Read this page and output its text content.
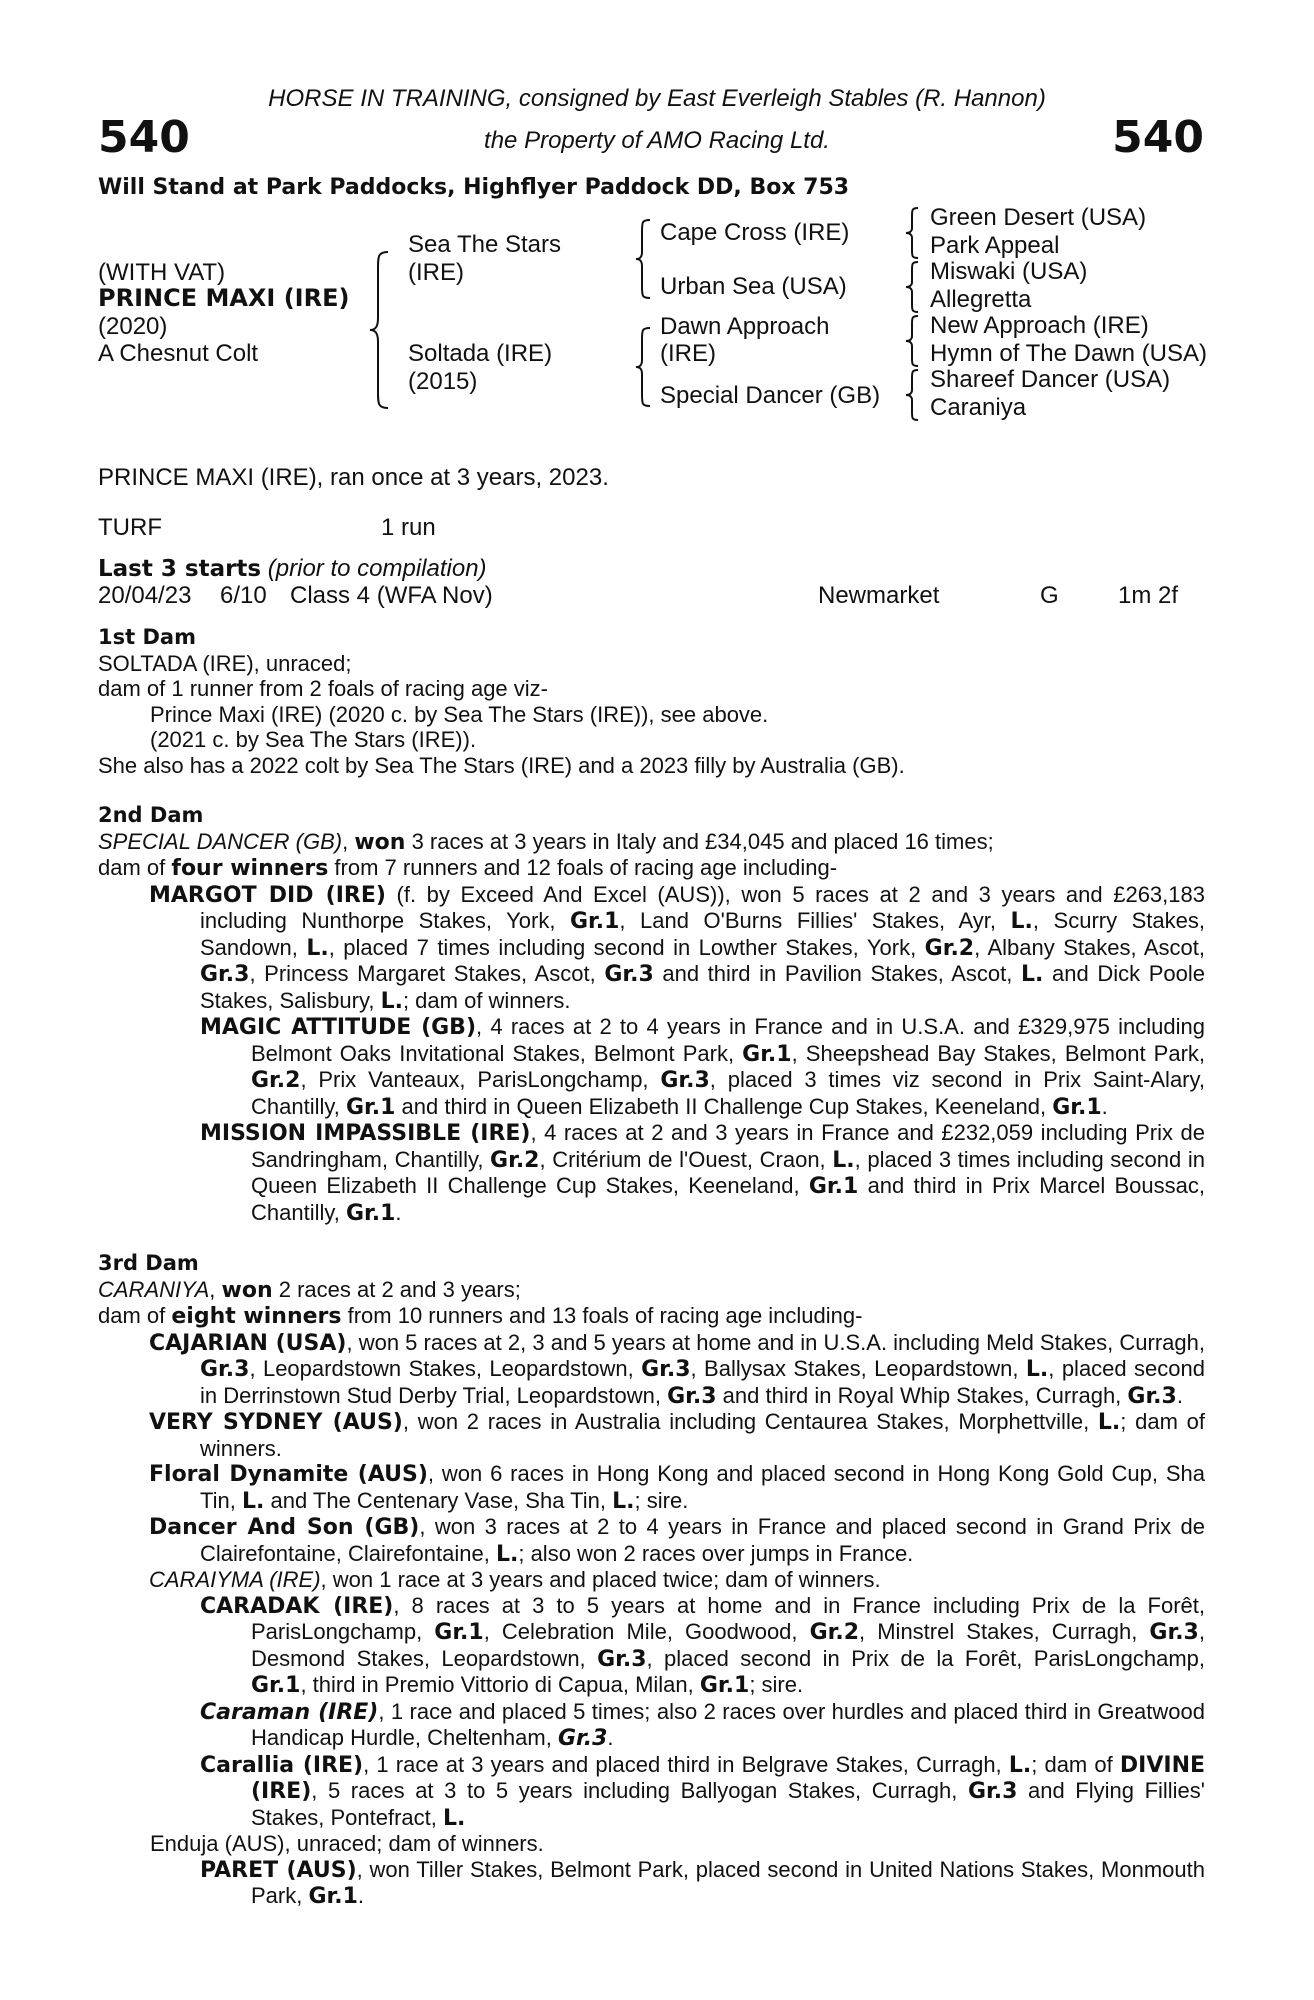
540	540
HORSE IN TRAINING, consigned by East Everleigh Stables (R. Hannon)
the Property of AMO Racing Ltd.
Will Stand at Park Paddocks, Highflyer Paddock DD, Box 753
(WITH VAT)
PRINCE MAXI (IRE)
(2020)
A Chesnut Colt
Sea The Stars
(IRE)
Soltada (IRE)
(2015)
Cape Cross (IRE)
Urban Sea (USA)
Dawn Approach
(IRE)
Special Dancer (GB)
Green Desert (USA)
Park Appeal
Miswaki (USA)
Allegretta
New Approach (IRE)
Hymn of The Dawn (USA)
Shareef Dancer (USA)
Caraniya
PRINCE MAXI (IRE), ran once at 3 years, 2023.
TURF	1 run
Last 3 starts (prior to compilation)
20/04/23 6/10 Class 4 (WFA Nov)	Newmarket	G 1m 2f

1st Dam

SOLTADA (IRE), unraced;

dam of 1 runner from 2 foals of racing age viz-

Prince Maxi (IRE) (2020 c. by Sea The Stars (IRE)), see above.

(2021 c. by Sea The Stars (IRE)).

She also has a 2022 colt by Sea The Stars (IRE) and a 2023 filly by Australia (GB).

2nd Dam

SPECIAL DANCER (GB), won 3 races at 3 years in Italy and £34,045 and placed 16 times;

dam of four winners from 7 runners and 12 foals of racing age including-

MARGOT DID (IRE) (f. by Exceed And Excel (AUS)), won 5 races at 2 and 3 years and £263,183 including Nunthorpe Stakes, York, Gr.1, Land O'Burns Fillies' Stakes, Ayr, L., Scurry Stakes, Sandown, L., placed 7 times including second in Lowther Stakes, York, Gr.2, Albany Stakes, Ascot, Gr.3, Princess Margaret Stakes, Ascot, Gr.3 and third in Pavilion Stakes, Ascot, L. and Dick Poole Stakes, Salisbury, L.; dam of winners.

MAGIC ATTITUDE (GB), 4 races at 2 to 4 years in France and in U.S.A. and £329,975 including Belmont Oaks Invitational Stakes, Belmont Park, Gr.1, Sheepshead Bay Stakes, Belmont Park, Gr.2, Prix Vanteaux, ParisLongchamp, Gr.3, placed 3 times viz second in Prix Saint-Alary, Chantilly, Gr.1 and third in Queen Elizabeth II Challenge Cup Stakes, Keeneland, Gr.1.

MISSION IMPASSIBLE (IRE), 4 races at 2 and 3 years in France and £232,059 including Prix de Sandringham, Chantilly, Gr.2, Critérium de l'Ouest, Craon, L., placed 3 times including second in Queen Elizabeth II Challenge Cup Stakes, Keeneland, Gr.1 and third in Prix Marcel Boussac, Chantilly, Gr.1.

3rd Dam

CARANIYA, won 2 races at 2 and 3 years;

dam of eight winners from 10 runners and 13 foals of racing age including-

CAJARIAN (USA), won 5 races at 2, 3 and 5 years at home and in U.S.A. including Meld Stakes, Curragh, Gr.3, Leopardstown Stakes, Leopardstown, Gr.3, Ballysax Stakes, Leopardstown, L., placed second in Derrinstown Stud Derby Trial, Leopardstown, Gr.3 and third in Royal Whip Stakes, Curragh, Gr.3.

VERY SYDNEY (AUS), won 2 races in Australia including Centaurea Stakes, Morphettville, L.; dam of winners.

Floral Dynamite (AUS), won 6 races in Hong Kong and placed second in Hong Kong Gold Cup, Sha Tin, L. and The Centenary Vase, Sha Tin, L.; sire.

Dancer And Son (GB), won 3 races at 2 to 4 years in France and placed second in Grand Prix de Clairefontaine, Clairefontaine, L.; also won 2 races over jumps in France.

CARAIYMA (IRE), won 1 race at 3 years and placed twice; dam of winners.

CARADAK (IRE), 8 races at 3 to 5 years at home and in France including Prix de la Forêt, ParisLongchamp, Gr.1, Celebration Mile, Goodwood, Gr.2, Minstrel Stakes, Curragh, Gr.3, Desmond Stakes, Leopardstown, Gr.3, placed second in Prix de la Forêt, ParisLongchamp, Gr.1, third in Premio Vittorio di Capua, Milan, Gr.1; sire.

Caraman (IRE), 1 race and placed 5 times; also 2 races over hurdles and placed third in Greatwood Handicap Hurdle, Cheltenham, Gr.3.

Carallia (IRE), 1 race at 3 years and placed third in Belgrave Stakes, Curragh, L.; dam of DIVINE (IRE), 5 races at 3 to 5 years including Ballyogan Stakes, Curragh, Gr.3 and Flying Fillies' Stakes, Pontefract, L.

Enduja (AUS), unraced; dam of winners.

PARET (AUS), won Tiller Stakes, Belmont Park, placed second in United Nations Stakes, Monmouth Park, Gr.1.
